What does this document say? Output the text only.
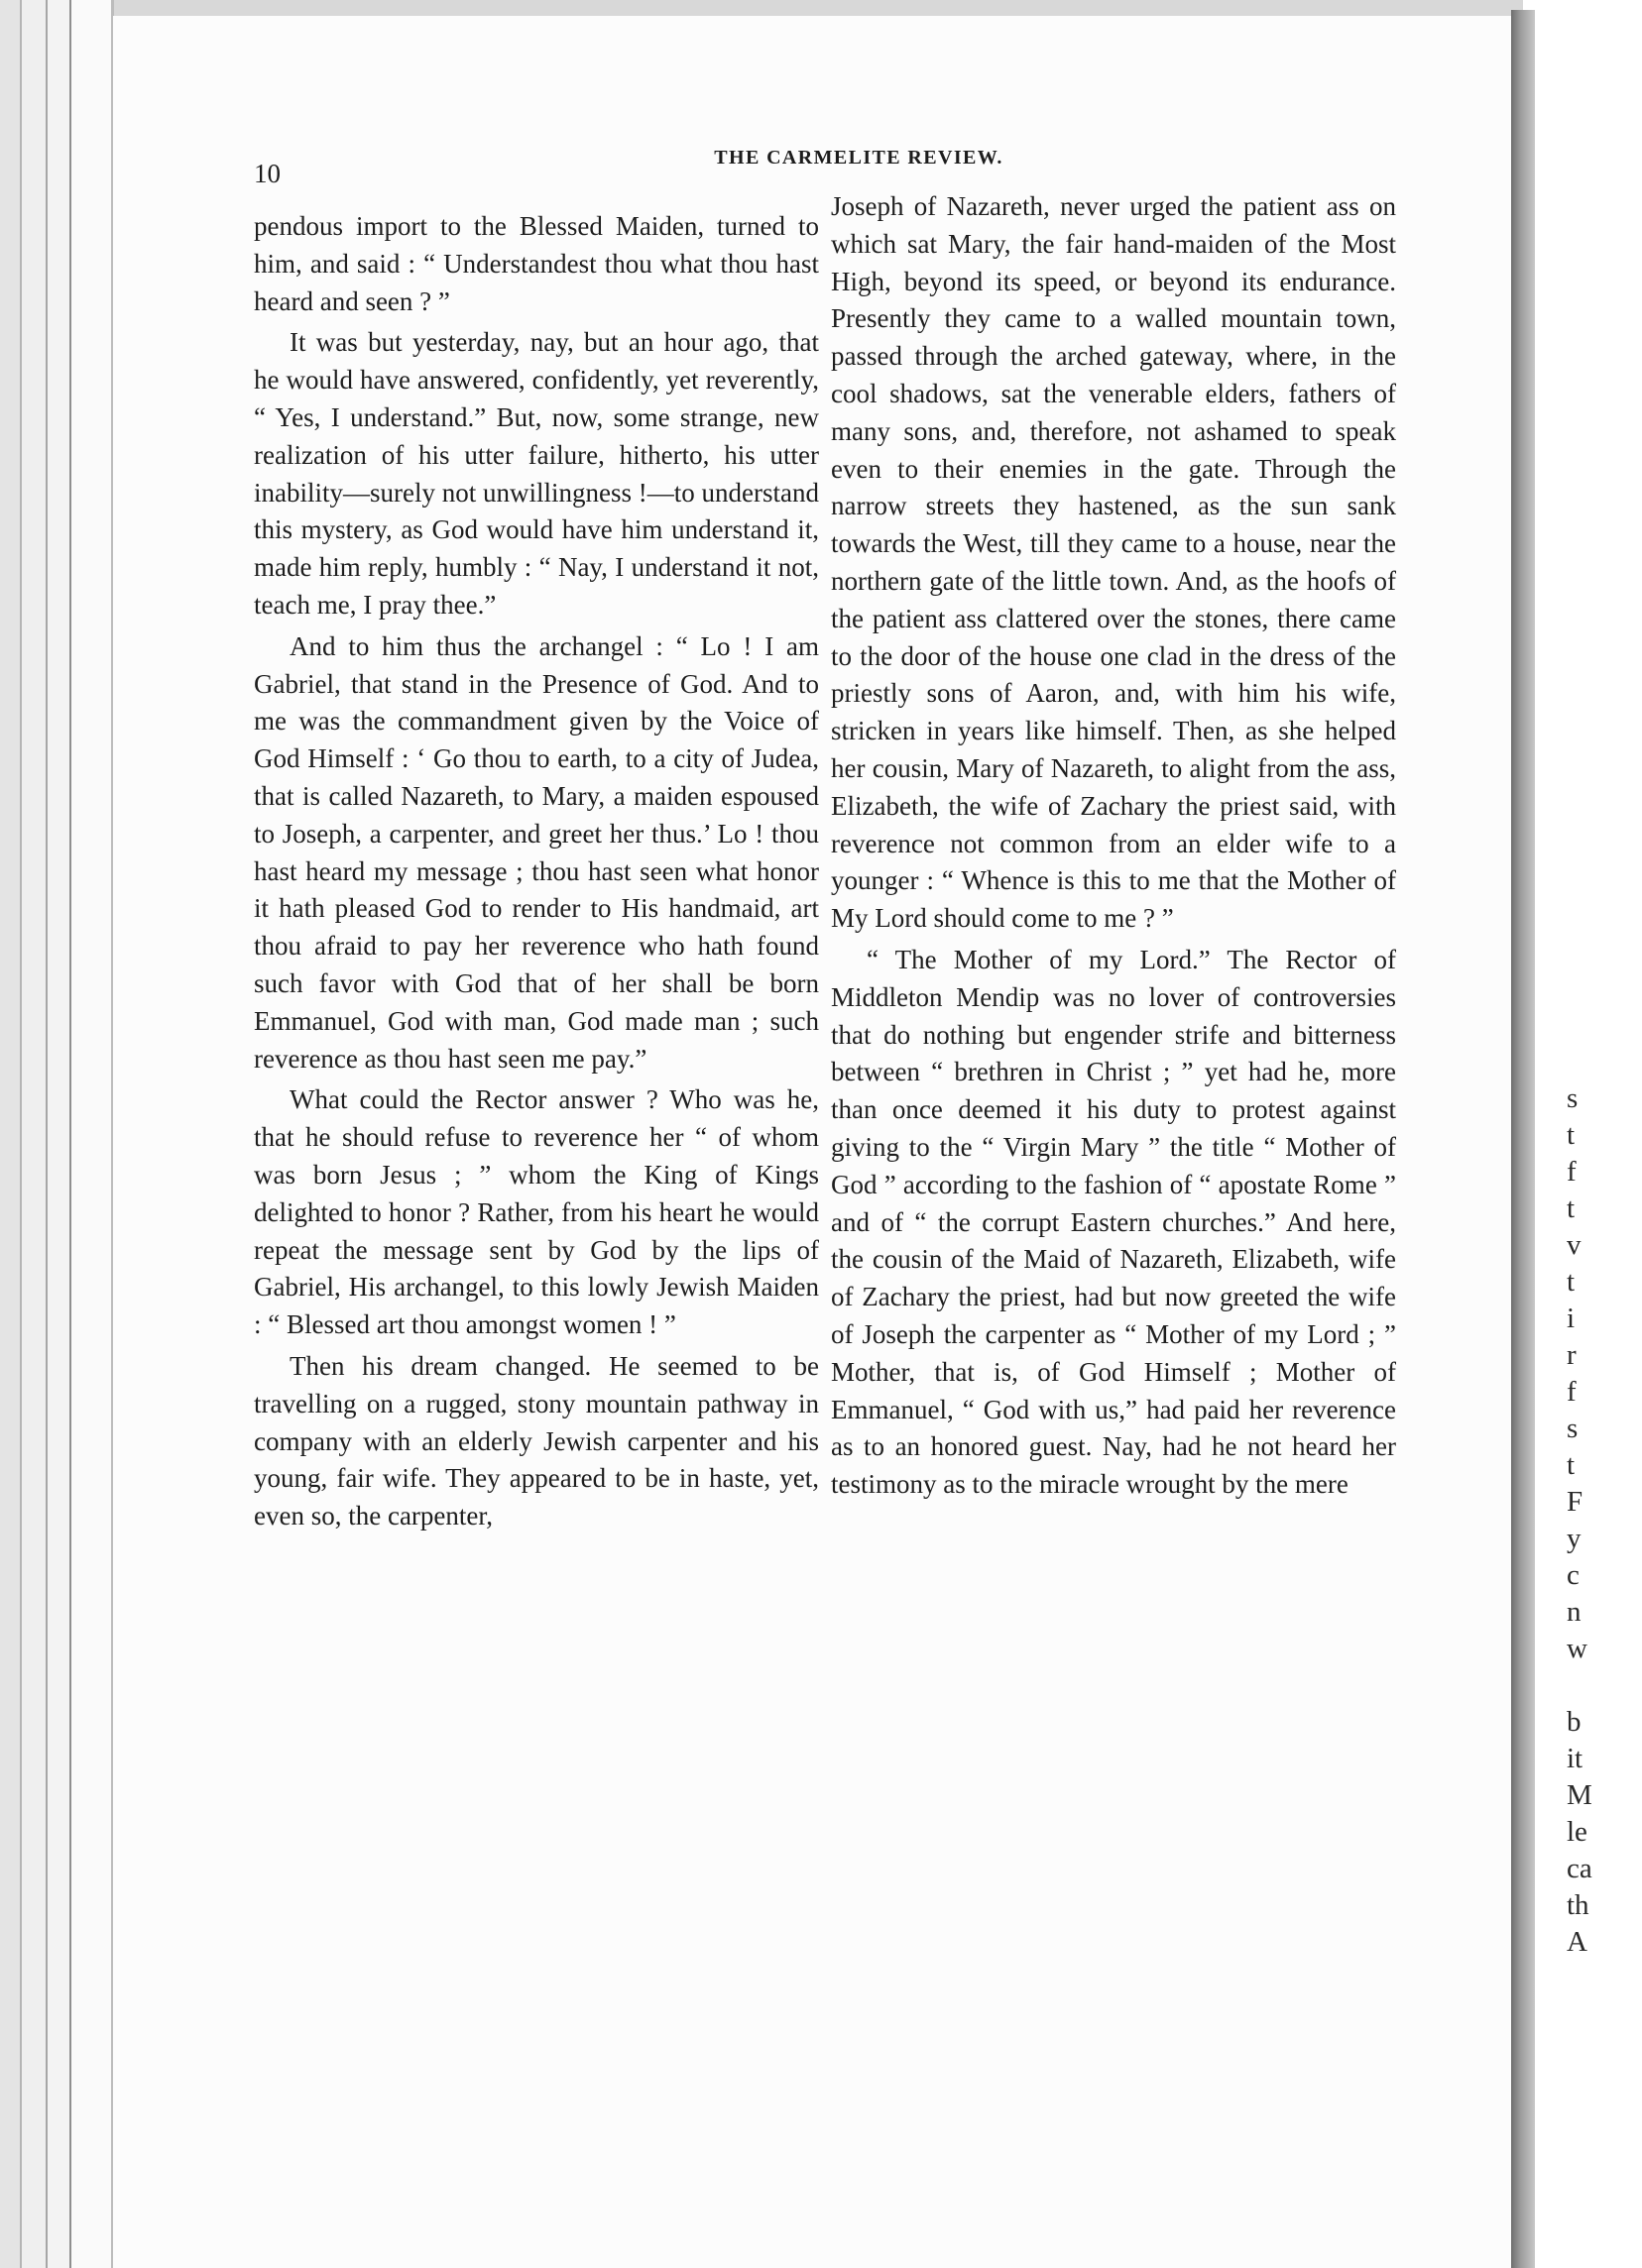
10
THE CARMELITE REVIEW.

pendous import to the Blessed Maiden, turned to him, and said : “ Understandest thou what thou hast heard and seen ? ”

It was but yesterday, nay, but an hour ago, that he would have answered, confidently, yet reverently, “ Yes, I understand.” But, now, some strange, new realization of his utter failure, hitherto, his utter inability—surely not unwillingness !—to understand this mystery, as God would have him understand it, made him reply, humbly : “ Nay, I understand it not, teach me, I pray thee.”

And to him thus the archangel : “ Lo ! I am Gabriel, that stand in the Presence of God. And to me was the commandment given by the Voice of God Himself : ‘ Go thou to earth, to a city of Judea, that is called Nazareth, to Mary, a maiden espoused to Joseph, a carpenter, and greet her thus.’ Lo ! thou hast heard my message ; thou hast seen what honor it hath pleased God to render to His handmaid, art thou afraid to pay her reverence who hath found such favor with God that of her shall be born Emmanuel, God with man, God made man ; such reverence as thou hast seen me pay.”

What could the Rector answer ? Who was he, that he should refuse to reverence her “ of whom was born Jesus ; ” whom the King of Kings delighted to honor ? Rather, from his heart he would repeat the message sent by God by the lips of Gabriel, His archangel, to this lowly Jewish Maiden : “ Blessed art thou amongst women ! ”

Then his dream changed. He seemed to be travelling on a rugged, stony mountain pathway in company with an elderly Jewish carpenter and his young, fair wife. They appeared to be in haste, yet, even so, the carpenter,

Joseph of Nazareth, never urged the patient ass on which sat Mary, the fair hand-maiden of the Most High, beyond its speed, or beyond its endurance. Presently they came to a walled mountain town, passed through the arched gateway, where, in the cool shadows, sat the venerable elders, fathers of many sons, and, therefore, not ashamed to speak even to their enemies in the gate. Through the narrow streets they hastened, as the sun sank towards the West, till they came to a house, near the northern gate of the little town. And, as the hoofs of the patient ass clattered over the stones, there came to the door of the house one clad in the dress of the priestly sons of Aaron, and, with him his wife, stricken in years like himself. Then, as she helped her cousin, Mary of Nazareth, to alight from the ass, Elizabeth, the wife of Zachary the priest said, with reverence not common from an elder wife to a younger : “ Whence is this to me that the Mother of My Lord should come to me ? ”

“ The Mother of my Lord.” The Rector of Middleton Mendip was no lover of controversies that do nothing but engender strife and bitterness between “ brethren in Christ ; ” yet had he, more than once deemed it his duty to protest against giving to the “ Virgin Mary ” the title “ Mother of God ” according to the fashion of “ apostate Rome ” and of “ the corrupt Eastern churches.” And here, the cousin of the Maid of Nazareth, Elizabeth, wife of Zachary the priest, had but now greeted the wife of Joseph the carpenter as “ Mother of my Lord ; ” Mother, that is, of God Himself ; Mother of Emmanuel, “ God with us,” had paid her reverence as to an honored guest. Nay, had he not heard her testimony as to the miracle wrought by the mere

s
t
f
t
v
t
i
r
f
s
t
F
y
c
n
w
b
it
M
le
ca
th
A
